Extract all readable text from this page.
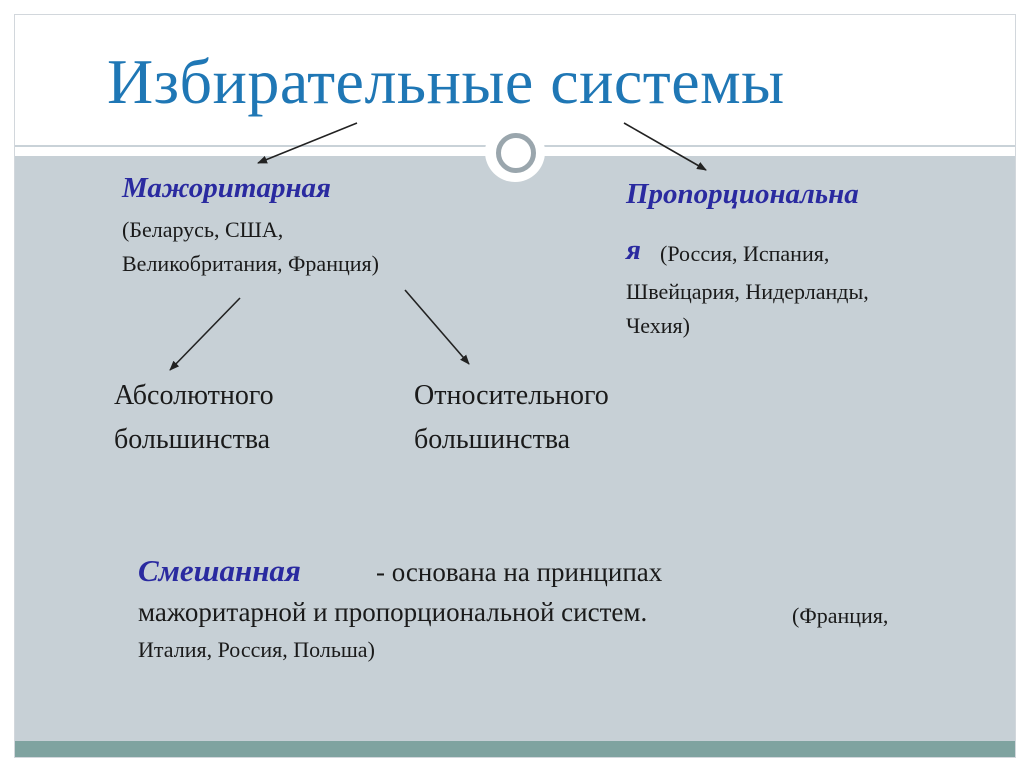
Избирательные системы
Мажоритарная
(Беларусь, США,
Великобритания, Франция)
Пропорциональна
я (Россия, Испания,
Швейцария, Нидерланды,
Чехия)
Абсолютного
большинства
Относительного
большинства
Смешанная	- основана на принципах
мажоритарной и пропорциональной систем.	(Франция,
Италия, Россия, Польша)
